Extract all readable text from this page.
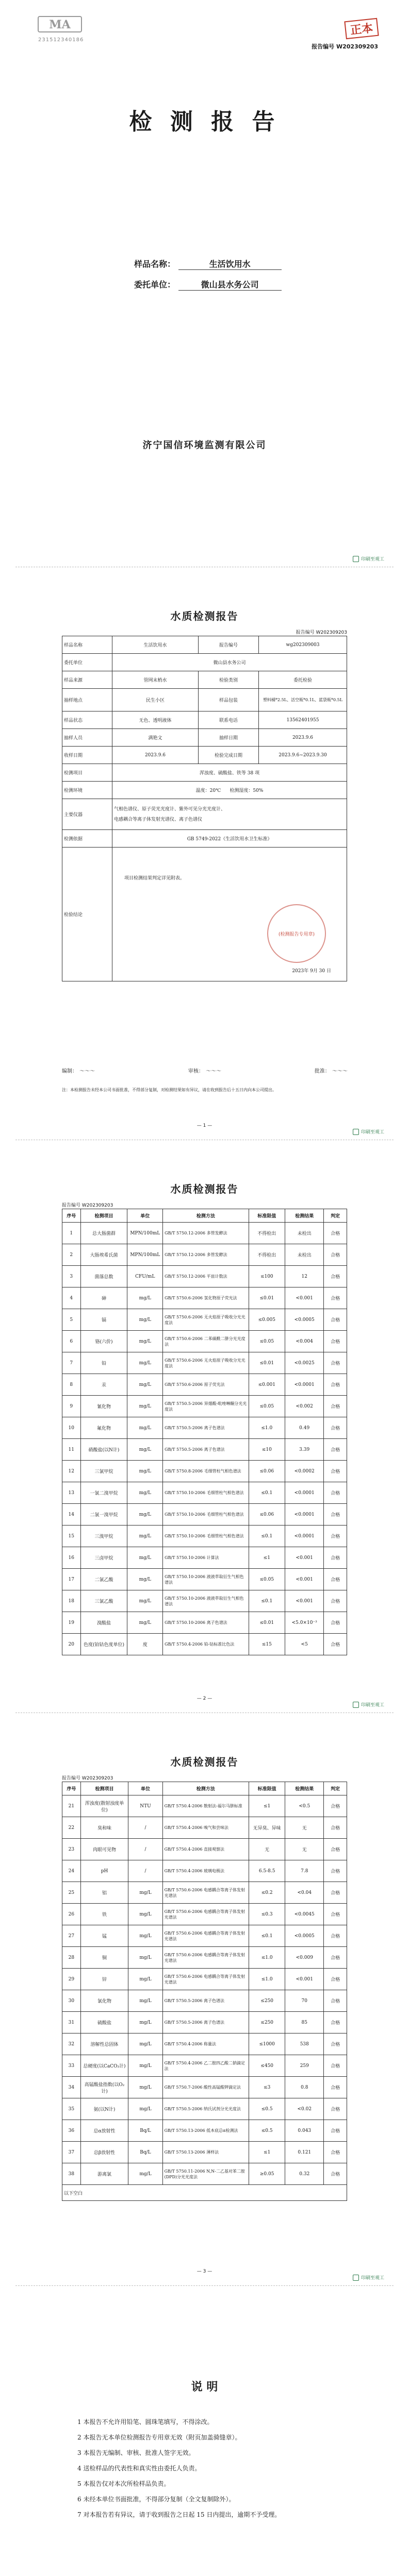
MA
231512340186
正本
报告编号 W202309203
检 测 报 告
样品名称：	生活饮用水
委托单位：	微山县水务公司
济宁国信环境监测有限公司
印刷至观工
水质检测报告
报告编号 W202309203
样品名称	生活饮用水	报告编号	wg202309003
委托单位	微山县水务公司		
样品来源	管网末梢水	检验类别	委托检验
抽样地点	民生小区	样品包装	塑料桶*2.5L、活空瓶*0.1L、蓝袋瓶*0.5L
样品状态	无色、透明液体	联系电话	13562401955
抽样人员	满艳文	抽样日期	2023.9.6
收样日期	2023.9.6	检验完成日期	2023.9.6~2023.9.30
检测项目	浑浊度、硫酸盐、铁等 38 项		
检测环境	温度：20℃ 检测湿度：50%		
主要仪器	气相色谱仪、原子荧光光度计、紫外可见分光光度计、
电感耦合等离子体发射光谱仪、离子色谱仪		

检测依据	GB 5749-2022《生活饮用水卫生标准》		
检验结论	项目检测结果判定详见附表。
(检测报告专用章)
2023年 9月 30 日		
编制： ～～～	审核： ～～～	批准： ～～～
注：本检测报告未经本公司书面批准，不得部分复制，对检测结果如有异议，请在收到报告后十五日内向本公司提出。
— 1 —
印刷至观工
水质检测报告
报告编号 W202309203
序号	检测项目	单位	检测方法	标准限值	检测结果	判定
1	总大肠菌群	MPN/100mL	GB/T 5750.12-2006 多管发酵法	不得检出	未检出	合格
2	大肠埃希氏菌	MPN/100mL	GB/T 5750.12-2006 多管发酵法	不得检出	未检出	合格
3	菌落总数	CFU/mL	GB/T 5750.12-2006 平皿计数法	≤100	12	合格
4	砷	mg/L	GB/T 5750.6-2006 氢化物原子荧光法	≤0.01	<0.001	合格
5	镉	mg/L	GB/T 5750.6-2006 无火焰原子吸收分光光度法	≤0.005	<0.0005	合格
6	铬(六价)	mg/L	GB/T 5750.6-2006 二苯碳酰二肼分光光度法	≤0.05	<0.004	合格
7	铅	mg/L	GB/T 5750.6-2006 无火焰原子吸收分光光度法	≤0.01	<0.0025	合格
8	汞	mg/L	GB/T 5750.6-2006 原子荧光法	≤0.001	<0.0001	合格
9	氰化物	mg/L	GB/T 5750.5-2006 异烟酸-吡唑啉酮分光光度法	≤0.05	<0.002	合格
10	氟化物	mg/L	GB/T 5750.5-2006 离子色谱法	≤1.0	0.49	合格
11	硝酸盐(以N计)	mg/L	GB/T 5750.5-2006 离子色谱法	≤10	3.39	合格
12	三氯甲烷	mg/L	GB/T 5750.8-2006 毛细管柱气相色谱法	≤0.06	<0.0002	合格
13	一氯二溴甲烷	mg/L	GB/T 5750.10-2006 毛细管柱气相色谱法	≤0.1	<0.0001	合格
14	二氯一溴甲烷	mg/L	GB/T 5750.10-2006 毛细管柱气相色谱法	≤0.06	<0.0001	合格
15	三溴甲烷	mg/L	GB/T 5750.10-2006 毛细管柱气相色谱法	≤0.1	<0.0001	合格
16	三卤甲烷	mg/L	GB/T 5750.10-2006 计算法	≤1	<0.001	合格
17	二氯乙酸	mg/L	GB/T 5750.10-2006 液液萃取衍生气相色谱法	≤0.05	<0.001	合格
18	三氯乙酸	mg/L	GB/T 5750.10-2006 液液萃取衍生气相色谱法	≤0.1	<0.001	合格
19	溴酸盐	mg/L	GB/T 5750.10-2006 离子色谱法	≤0.01	<5.0×10⁻³	合格
20	色度(铂钴色度单位)	度	GB/T 5750.4-2006 铂-钴标准比色法	≤15	<5	合格
— 2 —
印刷至观工
水质检测报告
报告编号 W202309203
序号	检测项目	单位	检测方法	标准限值	检测结果	判定
21	浑浊度(散射浊度单位)	NTU	GB/T 5750.4-2006 散射法-福尔马肼标准	≤1	<0.5	合格
22	臭和味	/	GB/T 5750.4-2006 嗅气和尝味法	无异臭、异味	无	合格
23	肉眼可见物	/	GB/T 5750.4-2006 直接观察法	无	无	合格
24	pH	/	GB/T 5750.4-2006 玻璃电极法	6.5-8.5	7.8	合格
25	铝	mg/L	GB/T 5750.6-2006 电感耦合等离子体发射光谱法	≤0.2	<0.04	合格
26	铁	mg/L	GB/T 5750.6-2006 电感耦合等离子体发射光谱法	≤0.3	<0.0045	合格
27	锰	mg/L	GB/T 5750.6-2006 电感耦合等离子体发射光谱法	≤0.1	<0.0005	合格
28	铜	mg/L	GB/T 5750.6-2006 电感耦合等离子体发射光谱法	≤1.0	<0.009	合格
29	锌	mg/L	GB/T 5750.6-2006 电感耦合等离子体发射光谱法	≤1.0	<0.001	合格
30	氯化物	mg/L	GB/T 5750.5-2006 离子色谱法	≤250	70	合格
31	硫酸盐	mg/L	GB/T 5750.5-2006 离子色谱法	≤250	85	合格
32	溶解性总固体	mg/L	GB/T 5750.4-2006 称量法	≤1000	538	合格
33	总硬度(以CaCO₃计)	mg/L	GB/T 5750.4-2006 乙二胺四乙酸二钠滴定法	≤450	259	合格
34	高锰酸盐指数(以O₂计)	mg/L	GB/T 5750.7-2006 酸性高锰酸钾滴定法	≤3	0.8	合格
35	氨(以N计)	mg/L	GB/T 5750.5-2006 纳氏试剂分光光度法	≤0.5	<0.02	合格
36	总α放射性	Bq/L	GB/T 5750.13-2006 低本底总α检测法	≤0.5	0.043	合格
37	总β放射性	Bq/L	GB/T 5750.13-2006 薄样法	≤1	0.121	合格
38	游离氯	mg/L	GB/T 5750.11-2006 N,N-二乙基对苯二胺(DPD)分光光度法	≥0.05	0.32	合格
以下空白						
— 3 —
印刷至观工
说 明
1 本报告不允许用铅笔、圆珠笔填写，不得涂改。
2 本报告无本单位检测报告专用章无效（附页加盖骑缝章）。
3 本报告无编制、审核、批准人签字无效。
4 送检样品的代表性和真实性由委托人负责。
5 本报告仅对本次所检样品负责。
6 未经本单位书面批准，不得部分复制（全文复制除外）。
7 对本报告若有异议，请于收到报告之日起 15 日内提出，逾期不予受理。
